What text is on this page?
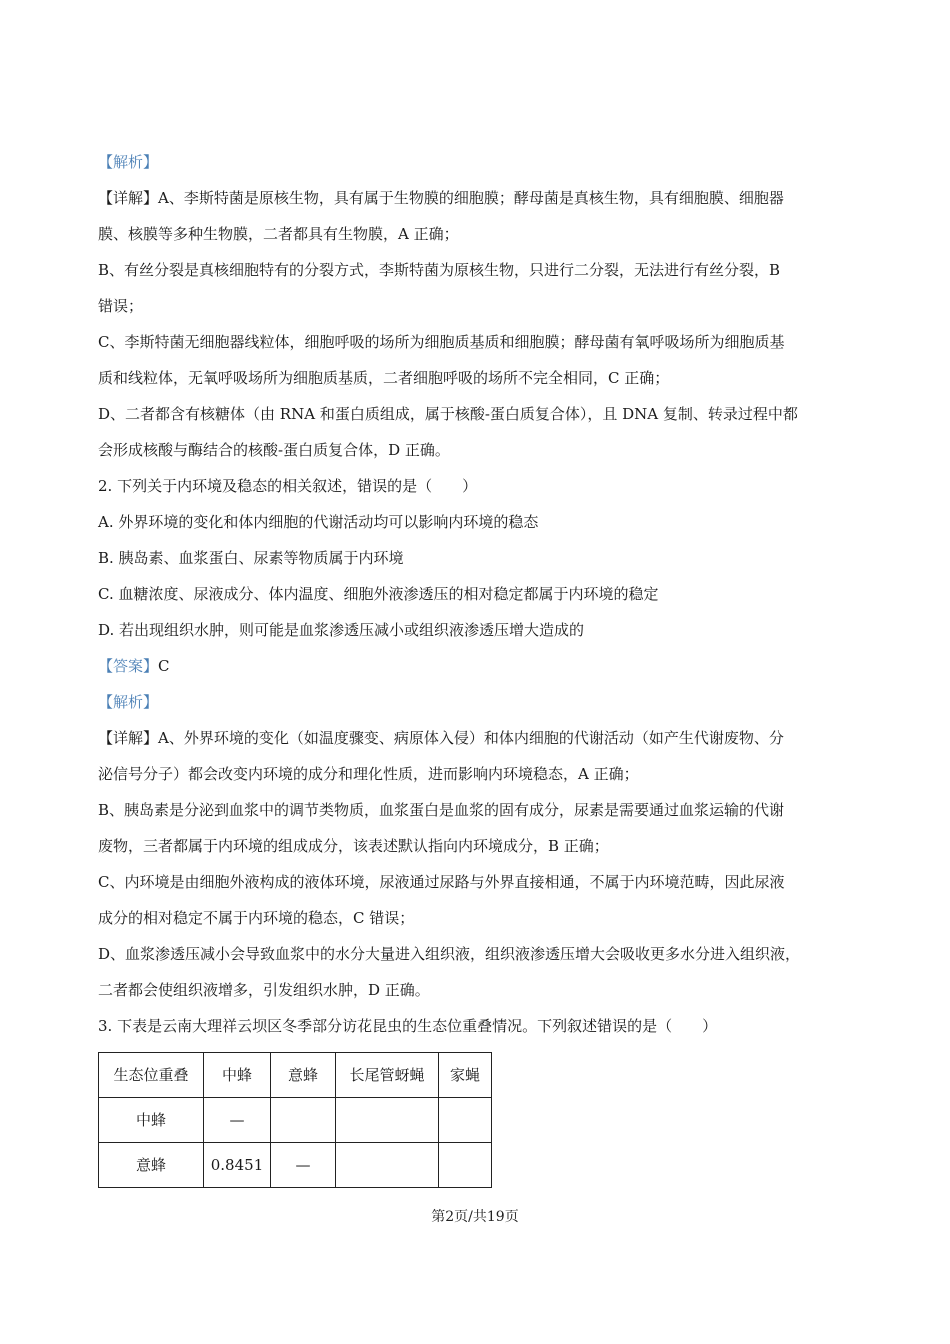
【解析】
【详解】A、李斯特菌是原核生物，具有属于生物膜的细胞膜；酵母菌是真核生物，具有细胞膜、细胞器
膜、核膜等多种生物膜，二者都具有生物膜，A 正确；
B、有丝分裂是真核细胞特有的分裂方式，李斯特菌为原核生物，只进行二分裂，无法进行有丝分裂，B
错误；
C、李斯特菌无细胞器线粒体，细胞呼吸的场所为细胞质基质和细胞膜；酵母菌有氧呼吸场所为细胞质基
质和线粒体，无氧呼吸场所为细胞质基质，二者细胞呼吸的场所不完全相同，C 正确；
D、二者都含有核糖体（由 RNA 和蛋白质组成，属于核酸-蛋白质复合体），且 DNA 复制、转录过程中都
会形成核酸与酶结合的核酸-蛋白质复合体，D 正确。
2. 下列关于内环境及稳态的相关叙述，错误的是（　　）
A. 外界环境的变化和体内细胞的代谢活动均可以影响内环境的稳态
B. 胰岛素、血浆蛋白、尿素等物质属于内环境
C. 血糖浓度、尿液成分、体内温度、细胞外液渗透压的相对稳定都属于内环境的稳定
D. 若出现组织水肿，则可能是血浆渗透压减小或组织液渗透压增大造成的
【答案】C
【解析】
【详解】A、外界环境的变化（如温度骤变、病原体入侵）和体内细胞的代谢活动（如产生代谢废物、分
泌信号分子）都会改变内环境的成分和理化性质，进而影响内环境稳态，A 正确；
B、胰岛素是分泌到血浆中的调节类物质，血浆蛋白是血浆的固有成分，尿素是需要通过血浆运输的代谢
废物，三者都属于内环境的组成成分，该表述默认指向内环境成分，B 正确；
C、内环境是由细胞外液构成的液体环境，尿液通过尿路与外界直接相通，不属于内环境范畴，因此尿液
成分的相对稳定不属于内环境的稳态，C 错误；
D、血浆渗透压减小会导致血浆中的水分大量进入组织液，组织液渗透压增大会吸收更多水分进入组织液，
二者都会使组织液增多，引发组织水肿，D 正确。
3. 下表是云南大理祥云坝区冬季部分访花昆虫的生态位重叠情况。下列叙述错误的是（　　）
生态位重叠	中蜂	意蜂	长尾管蚜蝇	家蝇
中蜂	—			
意蜂	0.8451	—		
第2页/共19页
